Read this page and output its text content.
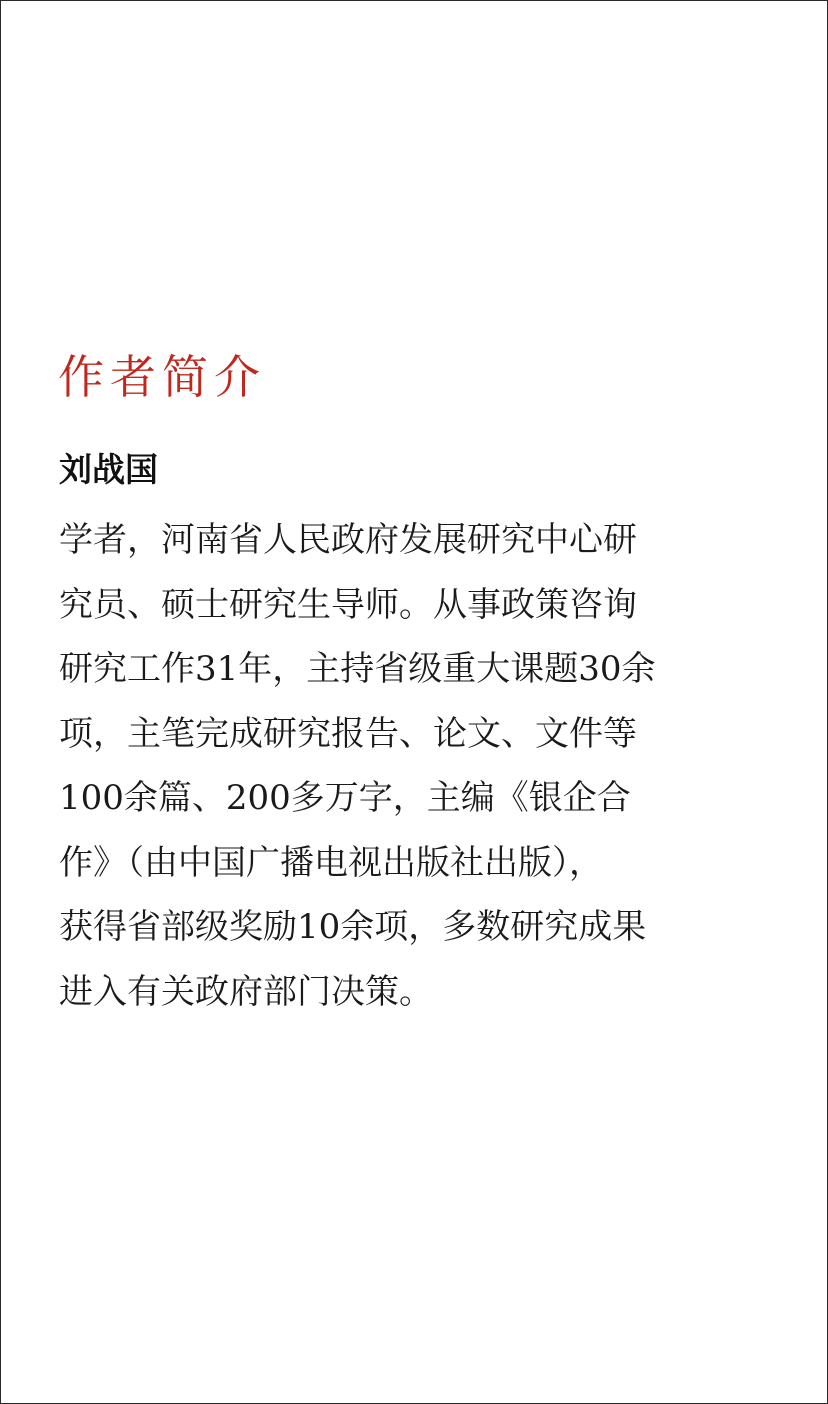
作者简介
刘战国

学者，河南省人民政府发展研究中心研
究员、硕士研究生导师。从事政策咨询
研究工作31年，主持省级重大课题30余
项，主笔完成研究报告、论文、文件等
100余篇、200多万字，主编《银企合
作》（由中国广播电视出版社出版），
获得省部级奖励10余项，多数研究成果
进入有关政府部门决策。
